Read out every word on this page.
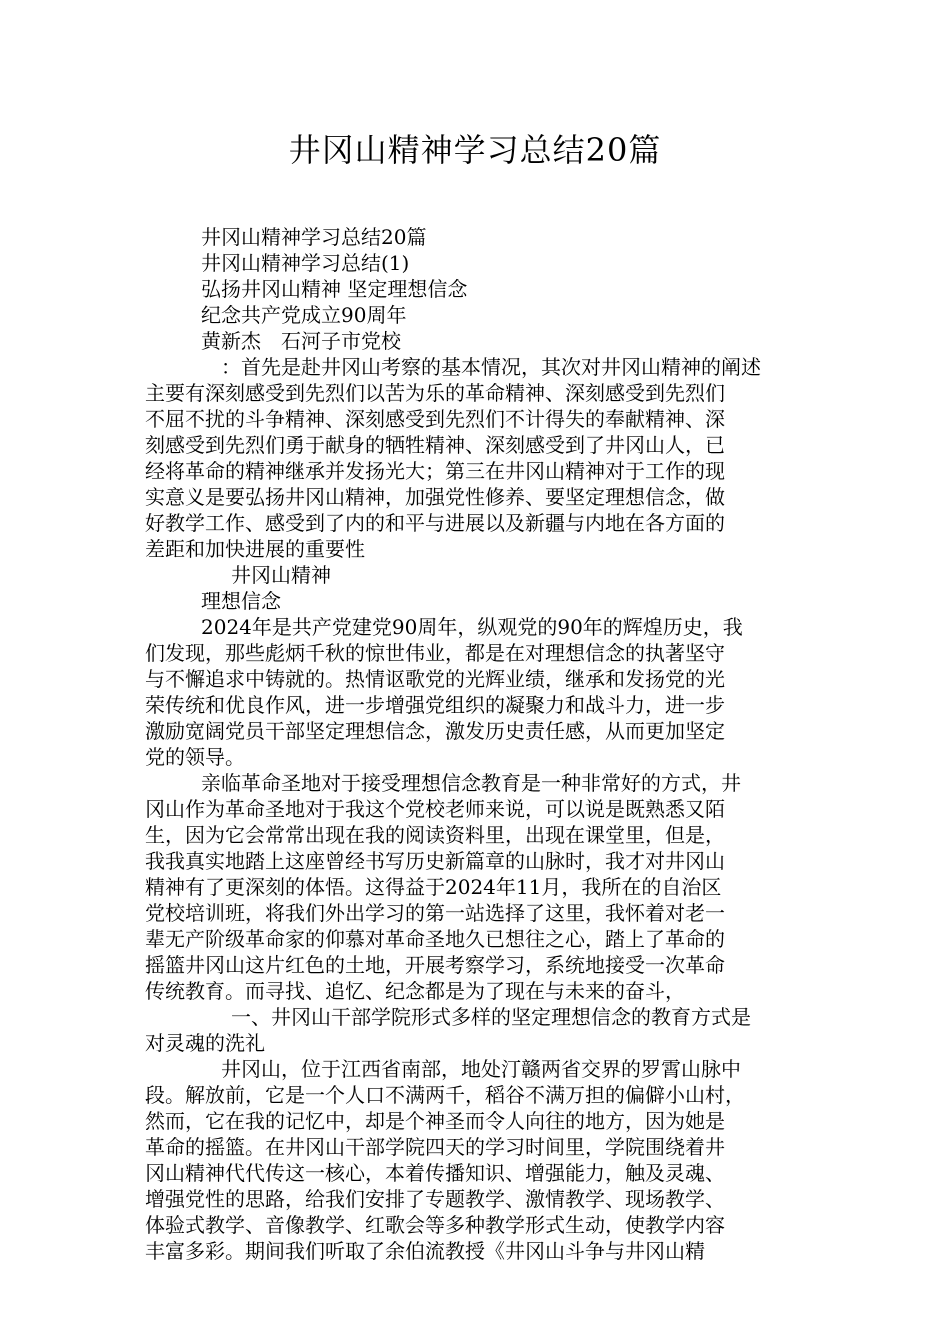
井冈山精神学习总结20篇
井冈山精神学习总结20篇
井冈山精神学习总结(1)
弘扬井冈山精神 坚定理想信念
纪念共产党成立90周年
黄新杰　石河子市党校
　：首先是赴井冈山考察的基本情况，其次对井冈山精神的阐述
主要有深刻感受到先烈们以苦为乐的革命精神、深刻感受到先烈们
不屈不扰的斗争精神、深刻感受到先烈们不计得失的奉献精神、深
刻感受到先烈们勇于献身的牺牲精神、深刻感受到了井冈山人，已
经将革命的精神继承并发扬光大；第三在井冈山精神对于工作的现
实意义是要弘扬井冈山精神，加强党性修养、要坚定理想信念，做
好教学工作、感受到了内的和平与进展以及新疆与内地在各方面的
差距和加快进展的重要性
　井冈山精神
理想信念
2024年是共产党建党90周年，纵观党的90年的辉煌历史，我
们发现，那些彪炳千秋的惊世伟业，都是在对理想信念的执著坚守
与不懈追求中铸就的。热情讴歌党的光辉业绩，继承和发扬党的光
荣传统和优良作风，进一步增强党组织的凝聚力和战斗力，进一步
激励宽阔党员干部坚定理想信念，激发历史责任感，从而更加坚定
党的领导。
亲临革命圣地对于接受理想信念教育是一种非常好的方式，井
冈山作为革命圣地对于我这个党校老师来说，可以说是既熟悉又陌
生，因为它会常常出现在我的阅读资料里，出现在课堂里，但是，
我我真实地踏上这座曾经书写历史新篇章的山脉时，我才对井冈山
精神有了更深刻的体悟。这得益于2024年11月，我所在的自治区
党校培训班，将我们外出学习的第一站选择了这里，我怀着对老一
辈无产阶级革命家的仰慕对革命圣地久已想往之心，踏上了革命的
摇篮井冈山这片红色的土地，开展考察学习，系统地接受一次革命
传统教育。而寻找、追忆、纪念都是为了现在与未来的奋斗，
　一、井冈山干部学院形式多样的坚定理想信念的教育方式是
对灵魂的洗礼
井冈山，位于江西省南部，地处汀赣两省交界的罗霄山脉中
段。解放前，它是一个人口不满两千，稻谷不满万担的偏僻小山村，
然而，它在我的记忆中，却是个神圣而令人向往的地方，因为她是
革命的摇篮。在井冈山干部学院四天的学习时间里，学院围绕着井
冈山精神代代传这一核心，本着传播知识、增强能力，触及灵魂、
增强党性的思路，给我们安排了专题教学、激情教学、现场教学、
体验式教学、音像教学、红歌会等多种教学形式生动，使教学内容
丰富多彩。期间我们听取了余伯流教授《井冈山斗争与井冈山精
